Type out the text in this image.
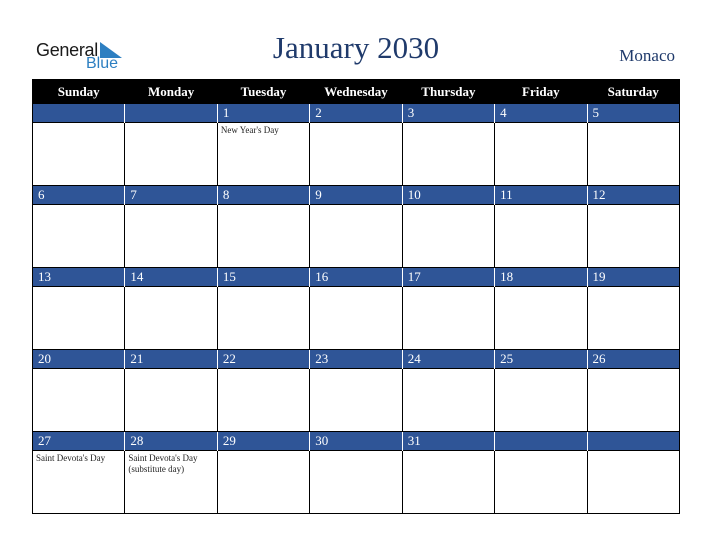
General
Blue	January 2030	Monaco
Sunday	Monday	Tuesday	Wednesday	Thursday	Friday	Saturday
		1	2	3	4	5

		New Year's Day				

6	7	8	9	10	11	12

13	14	15	16	17	18	19

20	21	22	23	24	25	26

27	28	29	30	31		

Saint Devota's Day	Saint Devota's Day (substitute day)					
